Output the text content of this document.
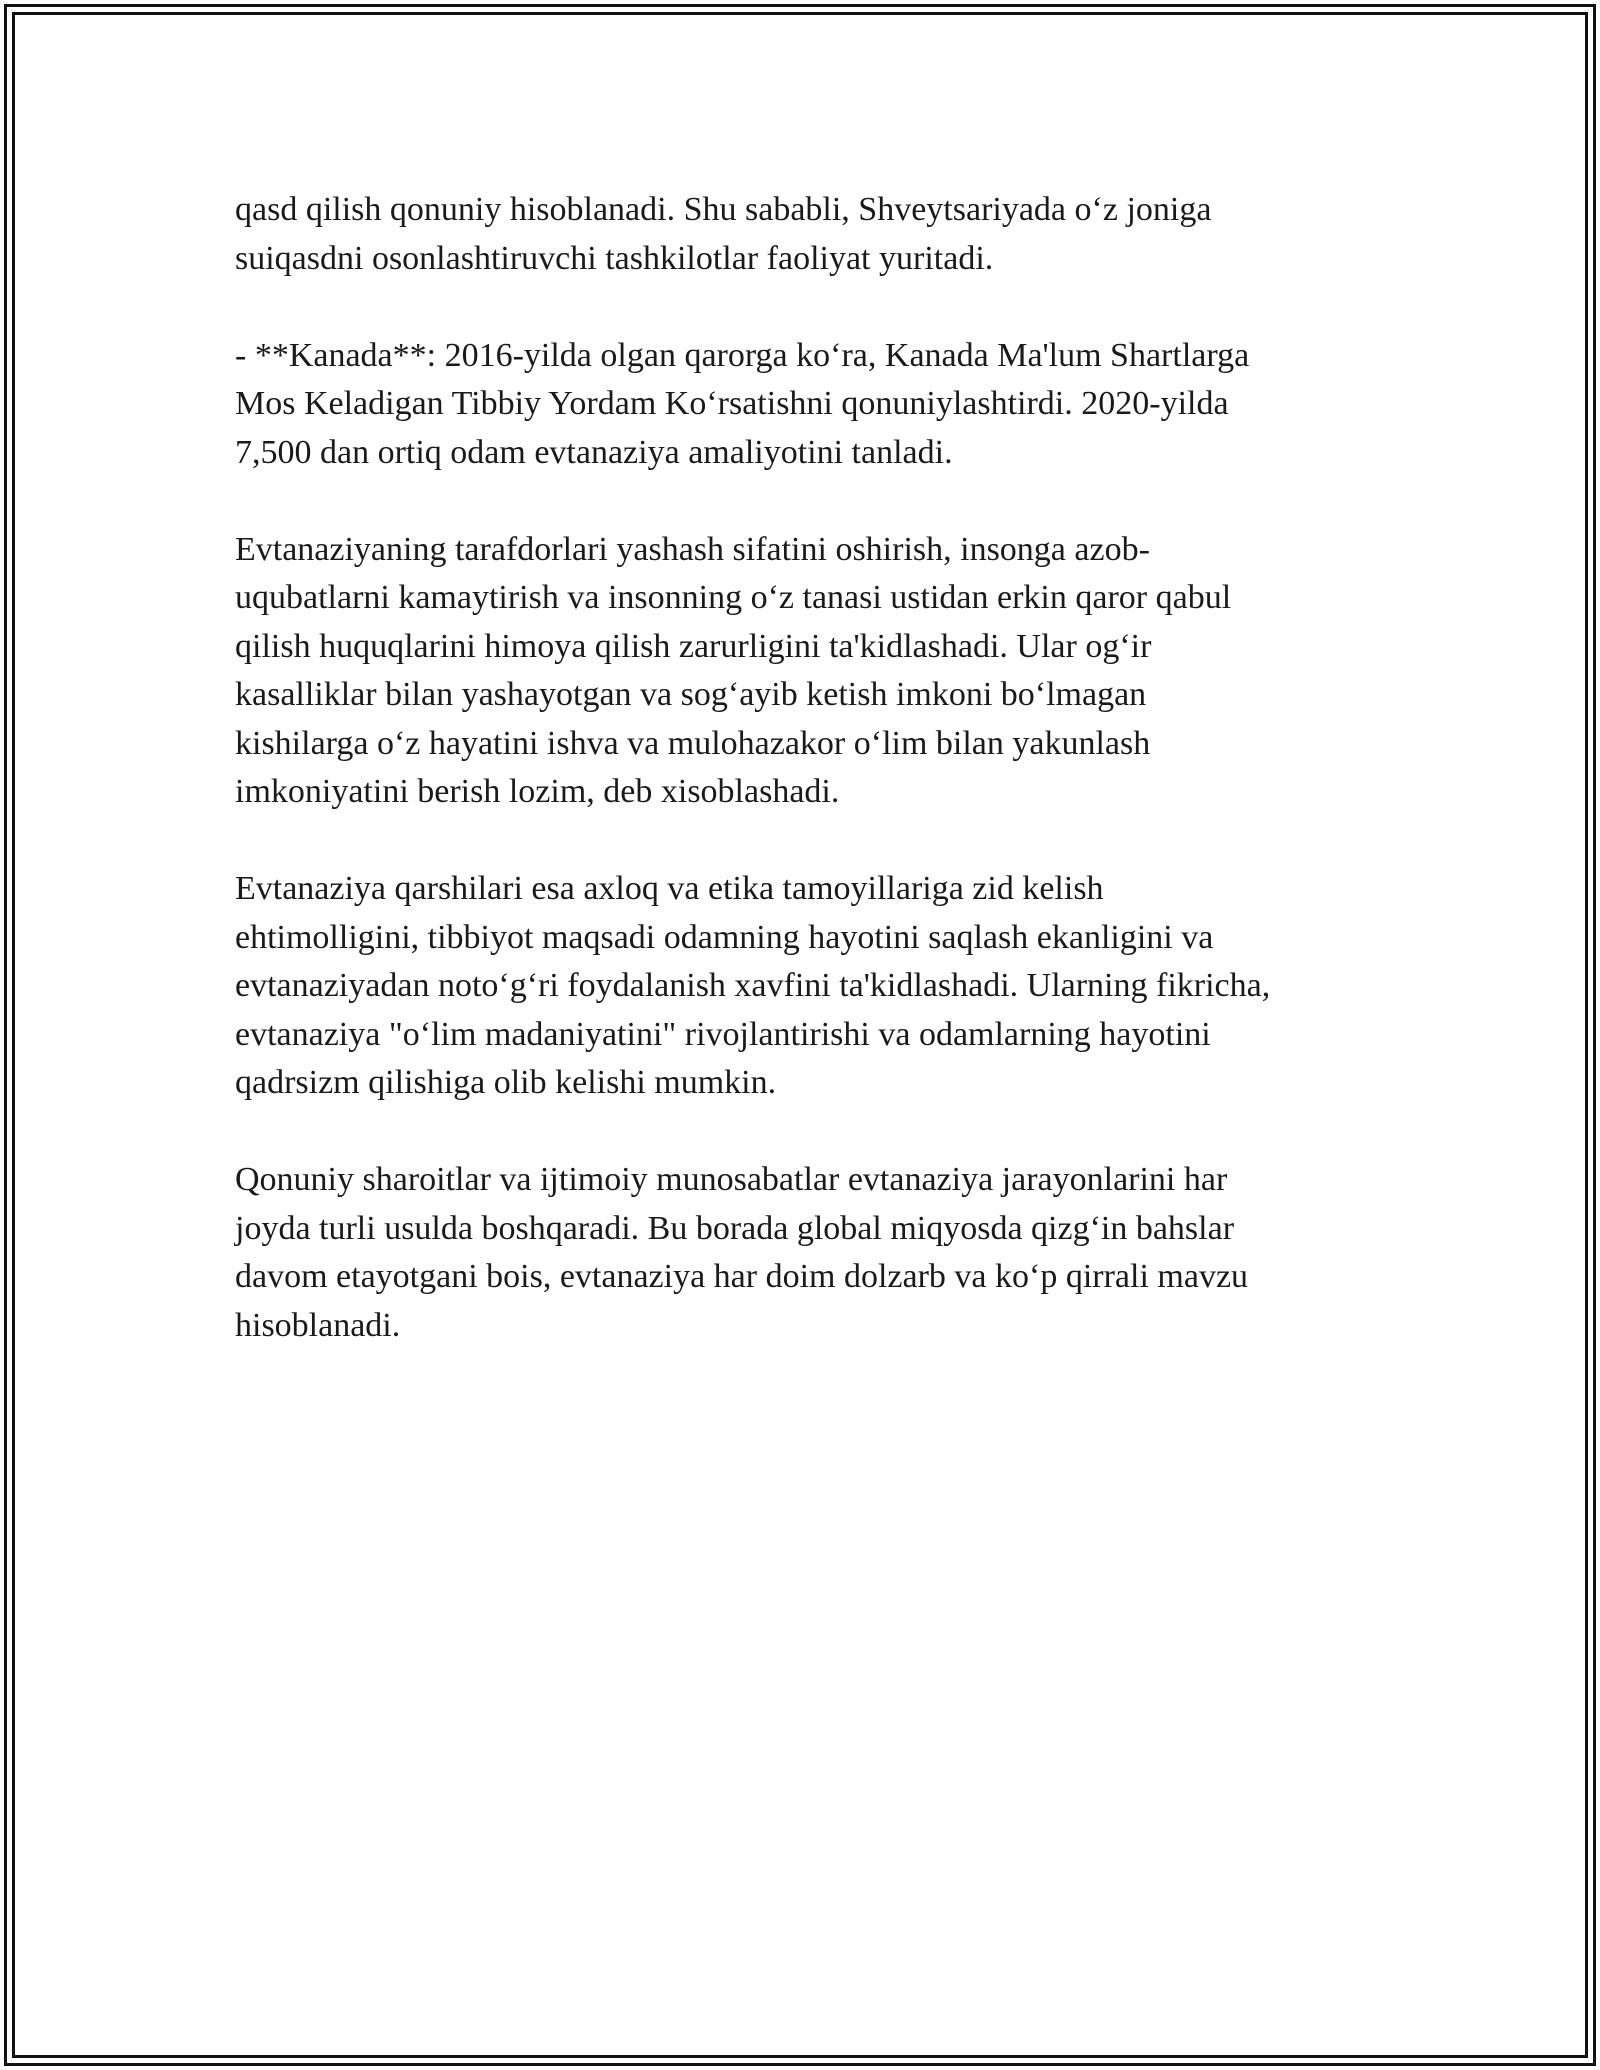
qasd qilish qonuniy hisoblanadi. Shu sababli, Shveytsariyada o‘z joniga
suiqasdni osonlashtiruvchi tashkilotlar faoliyat yuritadi.

- **Kanada**: 2016-yilda olgan qarorga ko‘ra, Kanada Ma'lum Shartlarga
Mos Keladigan Tibbiy Yordam Ko‘rsatishni qonuniylashtirdi. 2020-yilda
7,500 dan ortiq odam evtanaziya amaliyotini tanladi.

Evtanaziyaning tarafdorlari yashash sifatini oshirish, insonga azob-
uqubatlarni kamaytirish va insonning o‘z tanasi ustidan erkin qaror qabul
qilish huquqlarini himoya qilish zarurligini ta'kidlashadi. Ular og‘ir
kasalliklar bilan yashayotgan va sog‘ayib ketish imkoni bo‘lmagan
kishilarga o‘z hayatini ishva va mulohazakor o‘lim bilan yakunlash
imkoniyatini berish lozim, deb xisoblashadi.

Evtanaziya qarshilari esa axloq va etika tamoyillariga zid kelish
ehtimolligini, tibbiyot maqsadi odamning hayotini saqlash ekanligini va
evtanaziyadan noto‘g‘ri foydalanish xavfini ta'kidlashadi. Ularning fikricha,
evtanaziya "o‘lim madaniyatini" rivojlantirishi va odamlarning hayotini
qadrsizm qilishiga olib kelishi mumkin.

Qonuniy sharoitlar va ijtimoiy munosabatlar evtanaziya jarayonlarini har
joyda turli usulda boshqaradi. Bu borada global miqyosda qizg‘in bahslar
davom etayotgani bois, evtanaziya har doim dolzarb va ko‘p qirrali mavzu
hisoblanadi.
